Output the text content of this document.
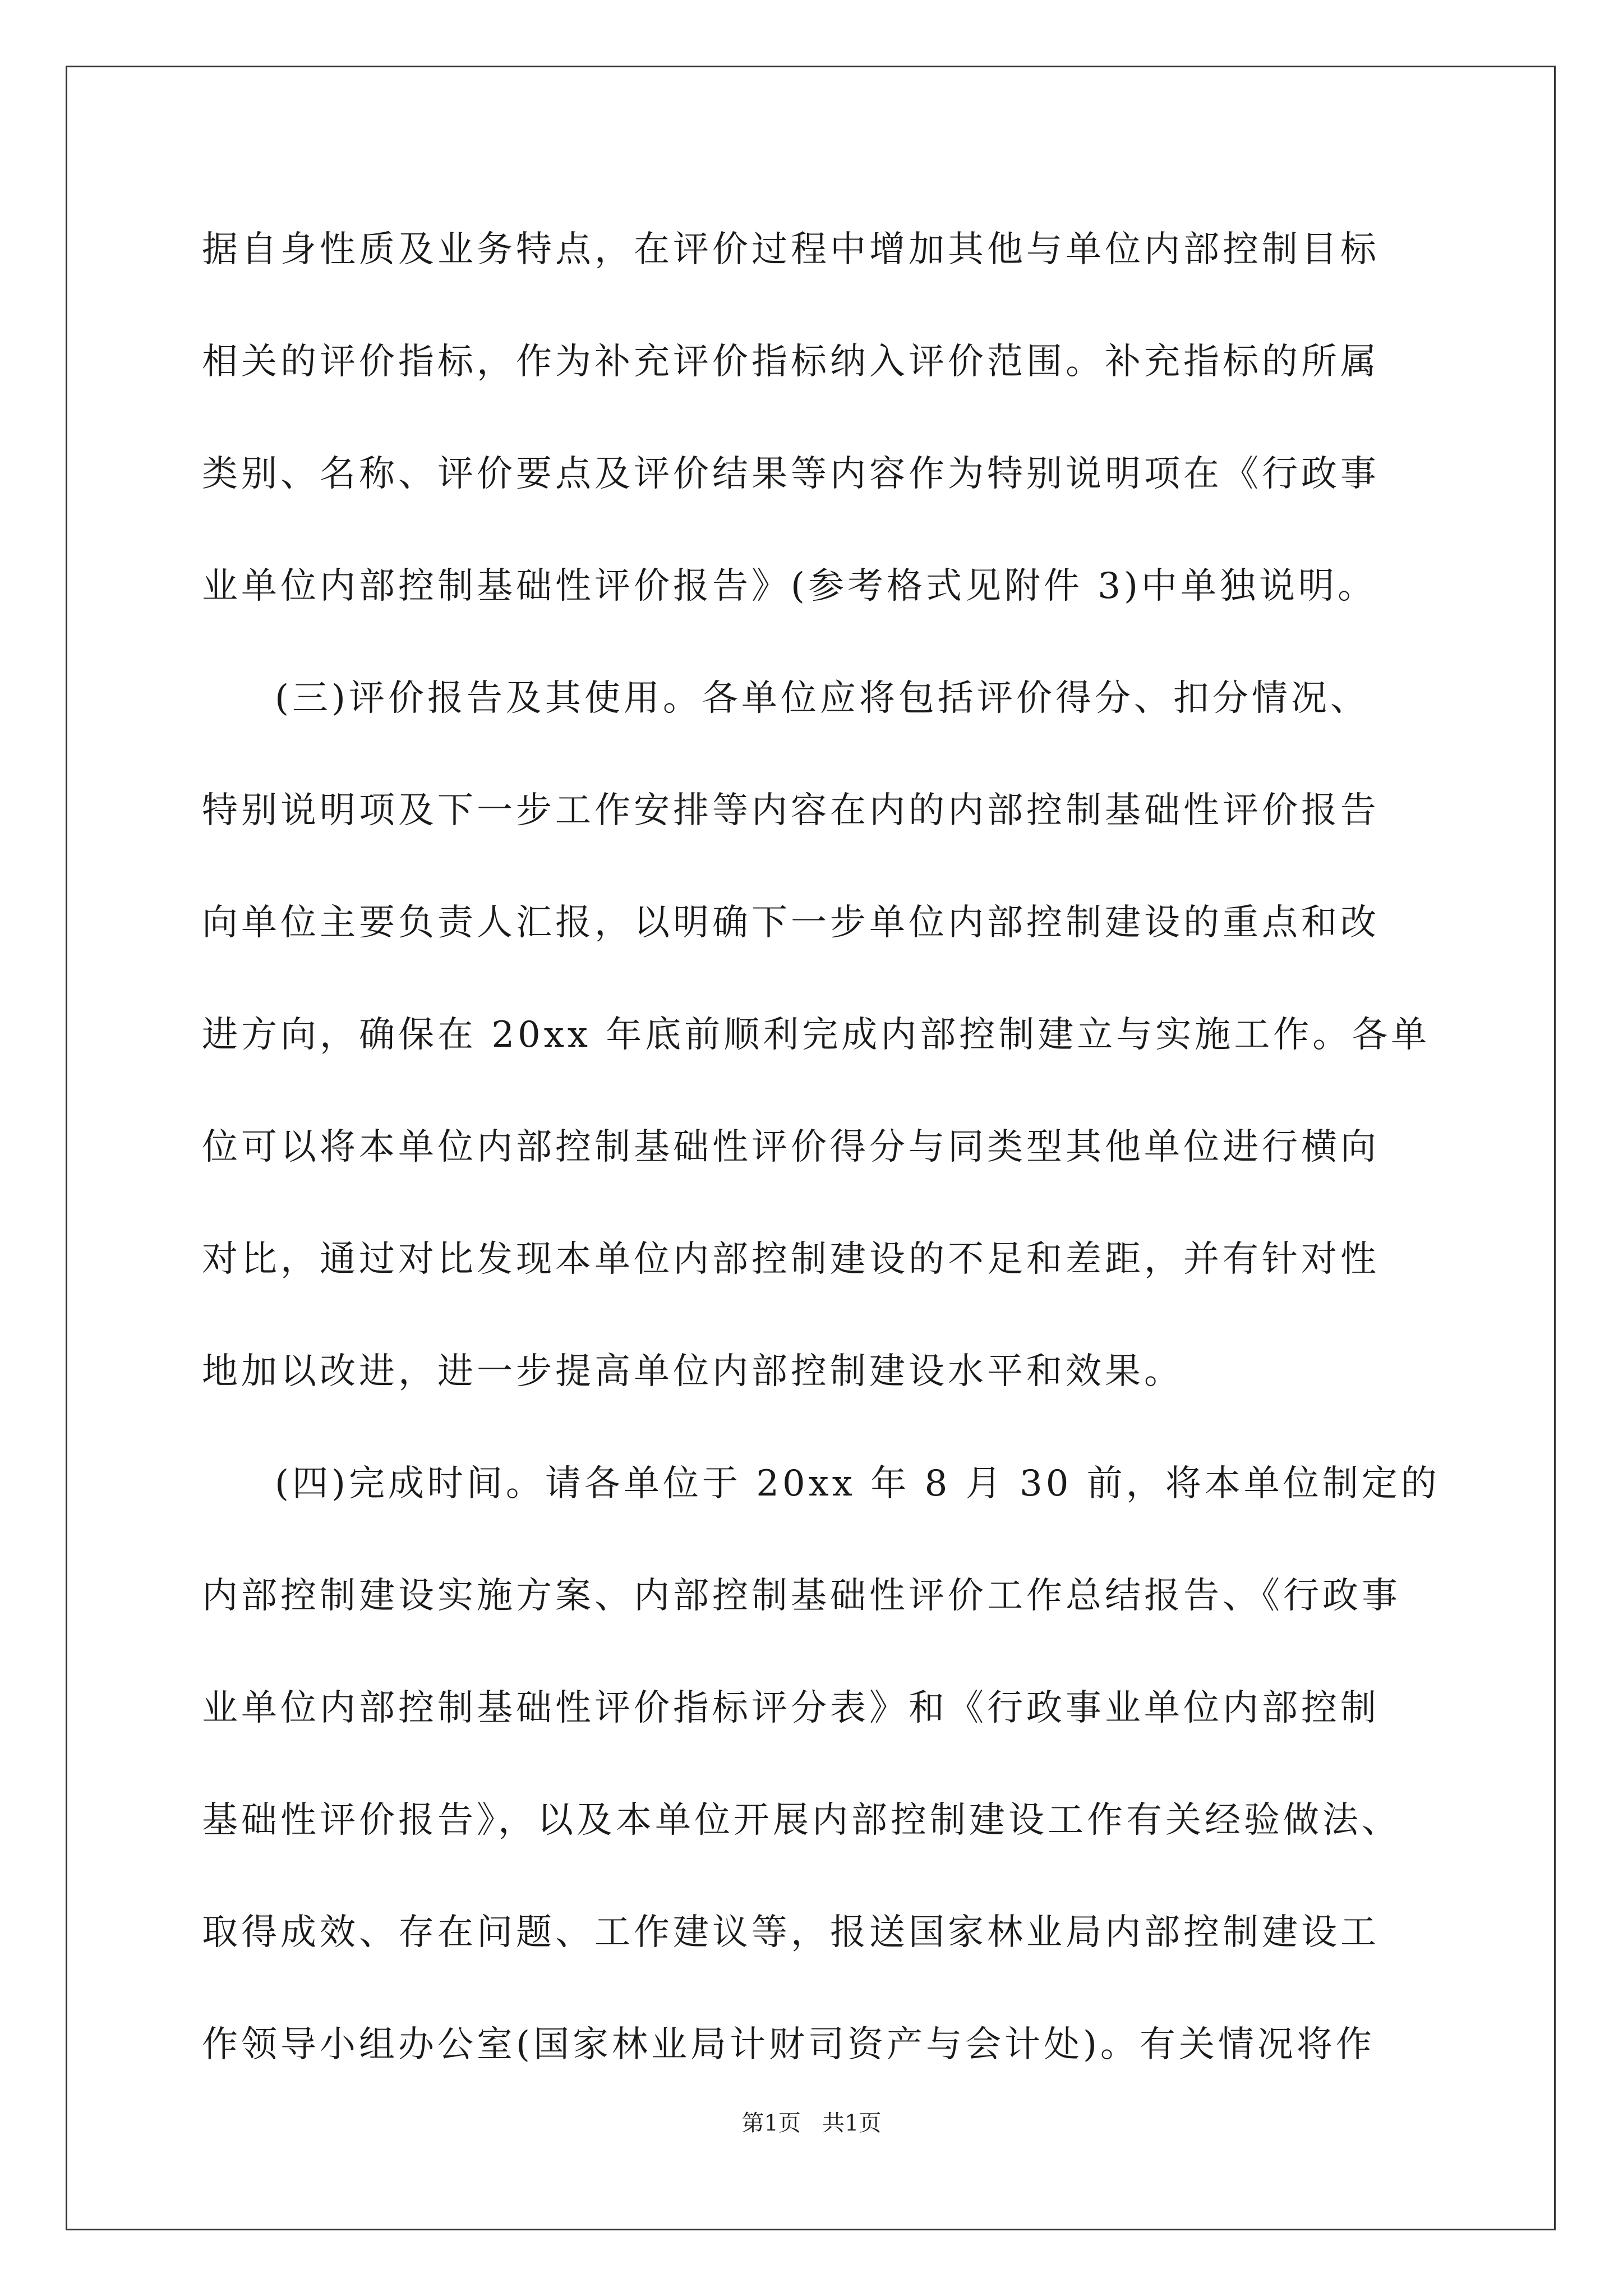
据自身性质及业务特点，在评价过程中增加其他与单位内部控制目标
相关的评价指标，作为补充评价指标纳入评价范围。补充指标的所属
类别、名称、评价要点及评价结果等内容作为特别说明项在《行政事
业单位内部控制基础性评价报告》(参考格式见附件 3)中单独说明。
(三)评价报告及其使用。各单位应将包括评价得分、扣分情况、
特别说明项及下一步工作安排等内容在内的内部控制基础性评价报告
向单位主要负责人汇报，以明确下一步单位内部控制建设的重点和改
进方向，确保在 20xx 年底前顺利完成内部控制建立与实施工作。各单
位可以将本单位内部控制基础性评价得分与同类型其他单位进行横向
对比，通过对比发现本单位内部控制建设的不足和差距，并有针对性
地加以改进，进一步提高单位内部控制建设水平和效果。
(四)完成时间。请各单位于 20xx 年 8 月 30 前，将本单位制定的
内部控制建设实施方案、内部控制基础性评价工作总结报告、《行政事
业单位内部控制基础性评价指标评分表》和《行政事业单位内部控制
基础性评价报告》，以及本单位开展内部控制建设工作有关经验做法、
取得成效、存在问题、工作建议等，报送国家林业局内部控制建设工
作领导小组办公室(国家林业局计财司资产与会计处)。有关情况将作
第1页   共1页
